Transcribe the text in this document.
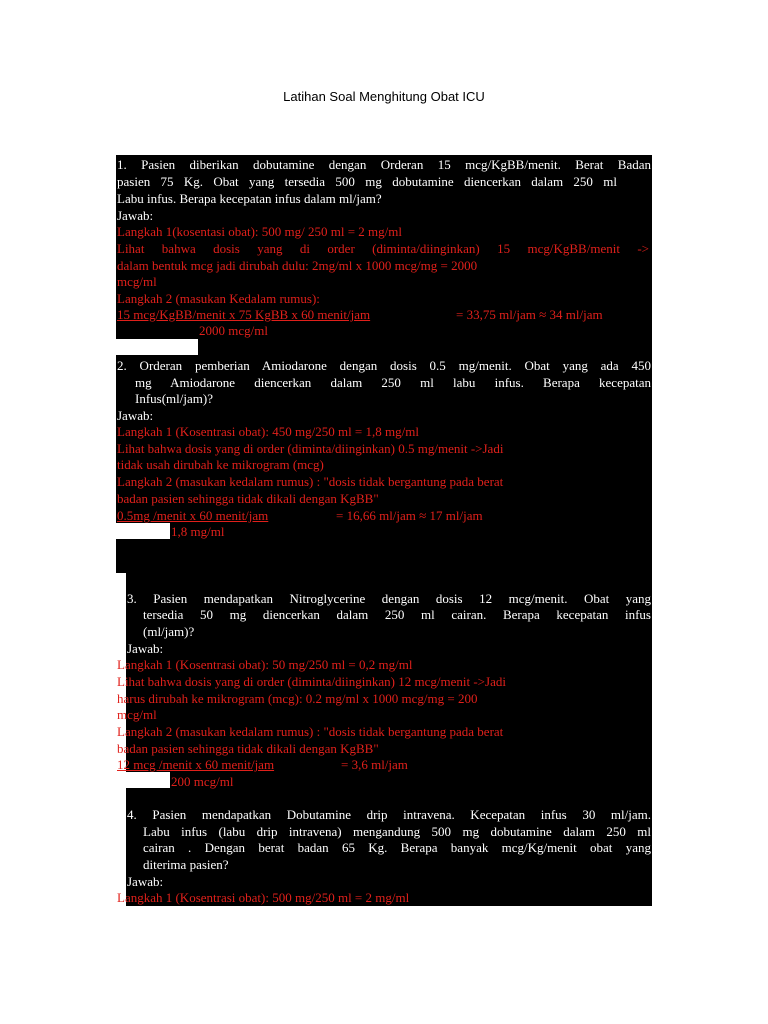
Latihan Soal Menghitung Obat ICU
1. Pasien diberikan dobutamine dengan Orderan 15 mcg/KgBB/menit. Berat Badan
pasien 75 Kg. Obat yang tersedia 500 mg dobutamine diencerkan dalam 250 ml
Labu infus. Berapa kecepatan infus dalam ml/jam?
Jawab:
Langkah 1(kosentasi obat): 500 mg/ 250 ml = 2 mg/ml
Lihat bahwa dosis yang di order (diminta/diinginkan) 15 mcg/KgBB/menit ->
dalam bentuk mcg jadi dirubah dulu: 2mg/ml x 1000 mcg/mg = 2000
mcg/ml
Langkah 2 (masukan Kedalam rumus):
15 mcg/KgBB/menit x 75 KgBB x 60 menit/jam	= 33,75 ml/jam ≈ 34 ml/jam
2000 mcg/ml
2. Orderan pemberian Amiodarone dengan dosis 0.5 mg/menit. Obat yang ada 450
mg Amiodarone diencerkan dalam 250 ml labu infus. Berapa kecepatan
Infus(ml/jam)?
Jawab:
Langkah 1 (Kosentrasi obat): 450 mg/250 ml = 1,8 mg/ml
Lihat bahwa dosis yang di order (diminta/diinginkan) 0.5 mg/menit ->Jadi
tidak usah dirubah ke mikrogram (mcg)
Langkah 2 (masukan kedalam rumus) : "dosis tidak bergantung pada berat
badan pasien sehingga tidak dikali dengan KgBB"
0.5mg /menit x 60 menit/jam	= 16,66 ml/jam ≈ 17 ml/jam
1,8 mg/ml
3. Pasien mendapatkan Nitroglycerine dengan dosis 12 mcg/menit. Obat yang
tersedia 50 mg diencerkan dalam 250 ml cairan. Berapa kecepatan infus
(ml/jam)?
Jawab:
Langkah 1 (Kosentrasi obat): 50 mg/250 ml = 0,2 mg/ml
Lihat bahwa dosis yang di order (diminta/diinginkan) 12 mcg/menit ->Jadi
harus dirubah ke mikrogram (mcg): 0.2 mg/ml x 1000 mcg/mg = 200
mcg/ml
Langkah 2 (masukan kedalam rumus) : "dosis tidak bergantung pada berat
badan pasien sehingga tidak dikali dengan KgBB"
12 mcg /menit x 60 menit/jam	= 3,6 ml/jam
200 mcg/ml
4. Pasien mendapatkan Dobutamine drip intravena. Kecepatan infus 30 ml/jam.
Labu infus (labu drip intravena) mengandung 500 mg dobutamine dalam 250 ml
cairan . Dengan berat badan 65 Kg. Berapa banyak mcg/Kg/menit obat yang
diterima pasien?
Jawab:
Langkah 1 (Kosentrasi obat): 500 mg/250 ml = 2 mg/ml
